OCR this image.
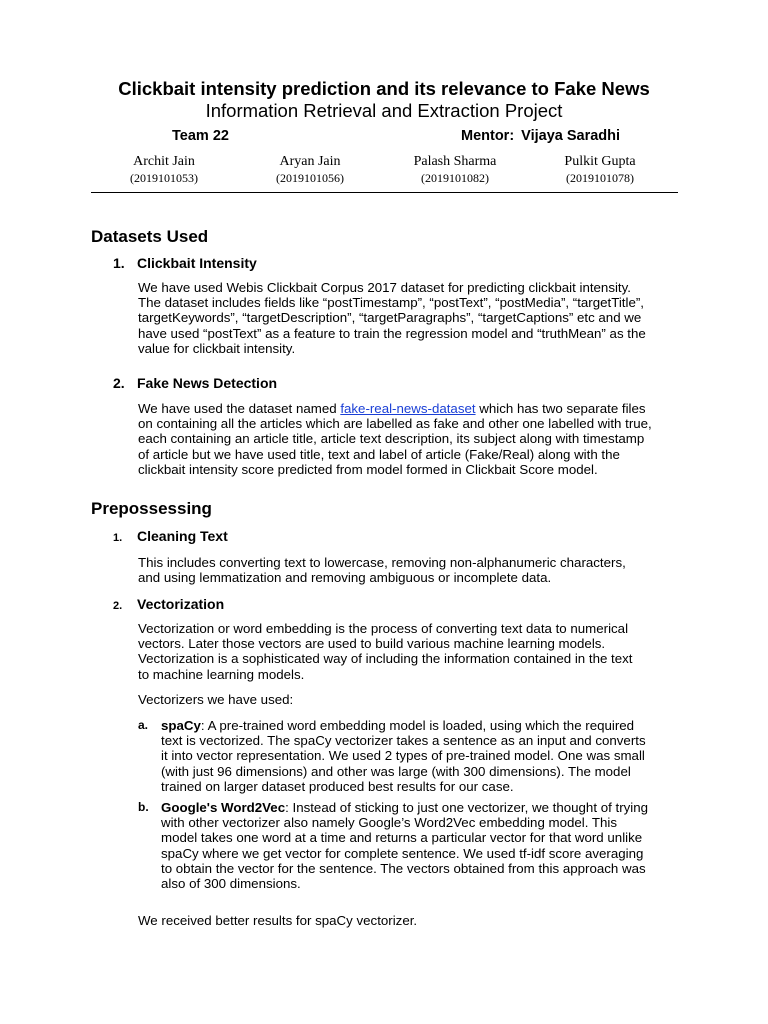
Clickbait intensity prediction and its relevance to Fake News
Information Retrieval and Extraction Project
Team 22	Mentor: Vijaya Saradhi
Archit Jain
(2019101053)
Aryan Jain
(2019101056)
Palash Sharma
(2019101082)
Pulkit Gupta
(2019101078)
Datasets Used
1. Clickbait Intensity
We have used Webis Clickbait Corpus 2017 dataset for predicting clickbait intensity.
The dataset includes fields like “postTimestamp”, “postText”, “postMedia”, “targetTitle”,
targetKeywords”, “targetDescription”, “targetParagraphs”, “targetCaptions” etc and we
have used “postText” as a feature to train the regression model and “truthMean” as the
value for clickbait intensity.
2. Fake News Detection
We have used the dataset named fake-real-news-dataset which has two separate files
on containing all the articles which are labelled as fake and other one labelled with true,
each containing an article title, article text description, its subject along with timestamp
of article but we have used title, text and label of article (Fake/Real) along with the
clickbait intensity score predicted from model formed in Clickbait Score model.
Prepossessing
1. Cleaning Text
This includes converting text to lowercase, removing non-alphanumeric characters,
and using lemmatization and removing ambiguous or incomplete data.
2. Vectorization
Vectorization or word embedding is the process of converting text data to numerical
vectors. Later those vectors are used to build various machine learning models.
Vectorization is a sophisticated way of including the information contained in the text
to machine learning models.
Vectorizers we have used:
a. spaCy: A pre-trained word embedding model is loaded, using which the required
text is vectorized. The spaCy vectorizer takes a sentence as an input and converts
it into vector representation. We used 2 types of pre-trained model. One was small
(with just 96 dimensions) and other was large (with 300 dimensions). The model
trained on larger dataset produced best results for our case.
b. Google's Word2Vec: Instead of sticking to just one vectorizer, we thought of trying
with other vectorizer also namely Google’s Word2Vec embedding model. This
model takes one word at a time and returns a particular vector for that word unlike
spaCy where we get vector for complete sentence. We used tf-idf score averaging
to obtain the vector for the sentence. The vectors obtained from this approach was
also of 300 dimensions.
We received better results for spaCy vectorizer.
